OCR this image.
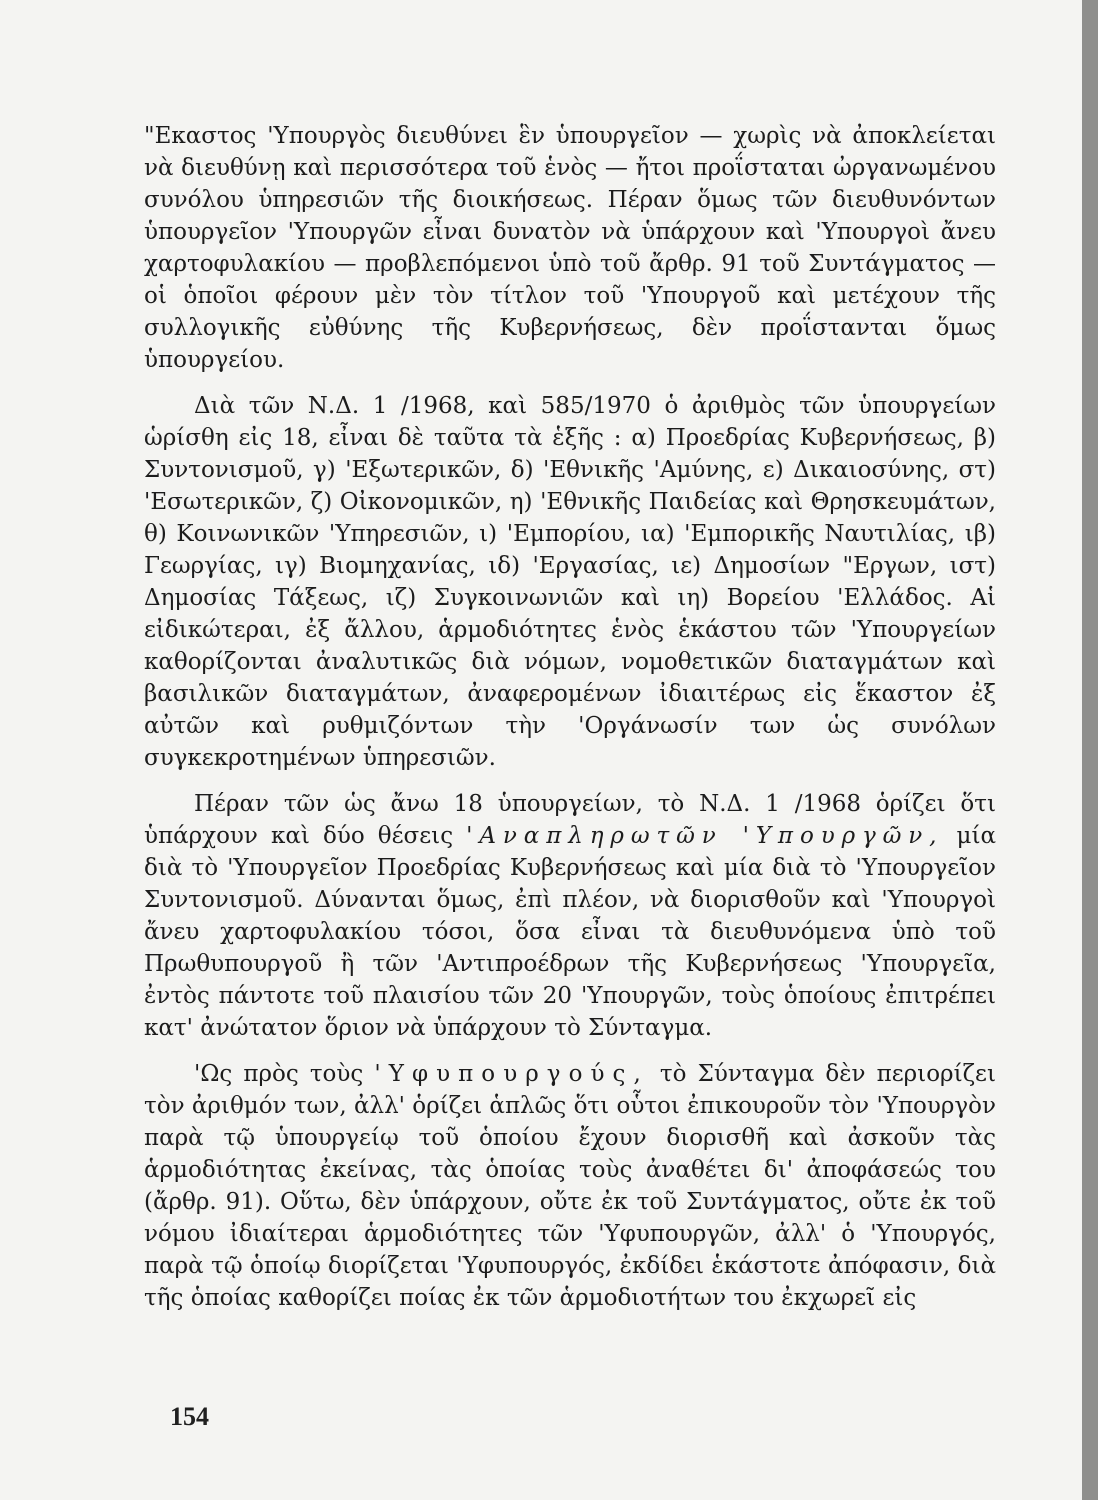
"Εκαστος 'Υπουργὸς διευθύνει ἓν ὑπουργεῖον — χωρὶς νὰ ἀποκλείεται νὰ διευθύνῃ καὶ περισσότερα τοῦ ἑνὸς — ἤτοι προΐσταται ὠργανωμένου συνόλου ὑπηρεσιῶν τῆς διοικήσεως. Πέραν ὅμως τῶν διευθυνόντων ὑπουργεῖον 'Υπουργῶν εἶναι δυνατὸν νὰ ὑπάρχουν καὶ 'Υπουργοὶ ἄνευ χαρτοφυλακίου — προβλεπόμενοι ὑπὸ τοῦ ἄρθρ. 91 τοῦ Συντάγματος — οἱ ὁποῖοι φέρουν μὲν τὸν τίτλον τοῦ 'Υπουργοῦ καὶ μετέχουν τῆς συλλογικῆς εὐθύνης τῆς Κυβερνήσεως, δὲν προΐστανται ὅμως ὑπουργείου.

Διὰ τῶν Ν.Δ. 1 /1968, καὶ 585/1970 ὁ ἀριθμὸς τῶν ὑπουργείων ὡρίσθη εἰς 18, εἶναι δὲ ταῦτα τὰ ἑξῆς : α) Προεδρίας Κυβερνήσεως, β) Συντονισμοῦ, γ) 'Εξωτερικῶν, δ) 'Εθνικῆς 'Αμύνης, ε) Δικαιοσύνης, στ) 'Εσωτερικῶν, ζ) Οἰκονομικῶν, η) 'Εθνικῆς Παιδείας καὶ Θρησκευμάτων, θ) Κοινωνικῶν 'Υπηρεσιῶν, ι) 'Εμπορίου, ια) 'Εμπορικῆς Ναυτιλίας, ιβ) Γεωργίας, ιγ) Βιομηχανίας, ιδ) 'Εργασίας, ιε) Δημοσίων "Εργων, ιστ) Δημοσίας Τάξεως, ιζ) Συγκοινωνιῶν καὶ ιη) Βορείου 'Ελλάδος. Αἱ εἰδικώτεραι, ἐξ ἄλλου, ἁρμοδιότητες ἑνὸς ἑκάστου τῶν 'Υπουργείων καθορίζονται ἀναλυτικῶς διὰ νόμων, νομοθετικῶν διαταγμάτων καὶ βασιλικῶν διαταγμάτων, ἀναφερομένων ἰδιαιτέρως εἰς ἕκαστον ἐξ αὐτῶν καὶ ρυθμιζόντων τὴν 'Οργάνωσίν των ὡς συνόλων συγκεκροτημένων ὑπηρεσιῶν.

Πέραν τῶν ὡς ἄνω 18 ὑπουργείων, τὸ Ν.Δ. 1 /1968 ὁρίζει ὅτι ὑπάρχουν καὶ δύο θέσεις 'Αναπληρωτῶν 'Υπουργῶν, μία διὰ τὸ 'Υπουργεῖον Προεδρίας Κυβερνήσεως καὶ μία διὰ τὸ 'Υπουργεῖον Συντονισμοῦ. Δύνανται ὅμως, ἐπὶ πλέον, νὰ διορισθοῦν καὶ 'Υπουργοὶ ἄνευ χαρτοφυλακίου τόσοι, ὅσα εἶναι τὰ διευθυνόμενα ὑπὸ τοῦ Πρωθυπουργοῦ ἢ τῶν 'Αντιπροέδρων τῆς Κυβερνήσεως 'Υπουργεῖα, ἐντὸς πάντοτε τοῦ πλαισίου τῶν 20 'Υπουργῶν, τοὺς ὁποίους ἐπιτρέπει κατ' ἀνώτατον ὅριον νὰ ὑπάρχουν τὸ Σύνταγμα.

'Ως πρὸς τοὺς 'Υφυπουργούς, τὸ Σύνταγμα δὲν περιορίζει τὸν ἀριθμόν των, ἀλλ' ὁρίζει ἁπλῶς ὅτι οὗτοι ἐπικουροῦν τὸν 'Υπουργὸν παρὰ τῷ ὑπουργείῳ τοῦ ὁποίου ἔχουν διορισθῆ καὶ ἀσκοῦν τὰς ἁρμοδιότητας ἐκείνας, τὰς ὁποίας τοὺς ἀναθέτει δι' ἀποφάσεώς του (ἄρθρ. 91). Οὕτω, δὲν ὑπάρχουν, οὔτε ἐκ τοῦ Συντάγματος, οὔτε ἐκ τοῦ νόμου ἰδιαίτεραι ἁρμοδιότητες τῶν 'Υφυπουργῶν, ἀλλ' ὁ 'Υπουργός, παρὰ τῷ ὁποίῳ διορίζεται 'Υφυπουργός, ἐκδίδει ἑκάστοτε ἀπόφασιν, διὰ τῆς ὁποίας καθορίζει ποίας ἐκ τῶν ἁρμοδιοτήτων του ἐκχωρεῖ εἰς

154
